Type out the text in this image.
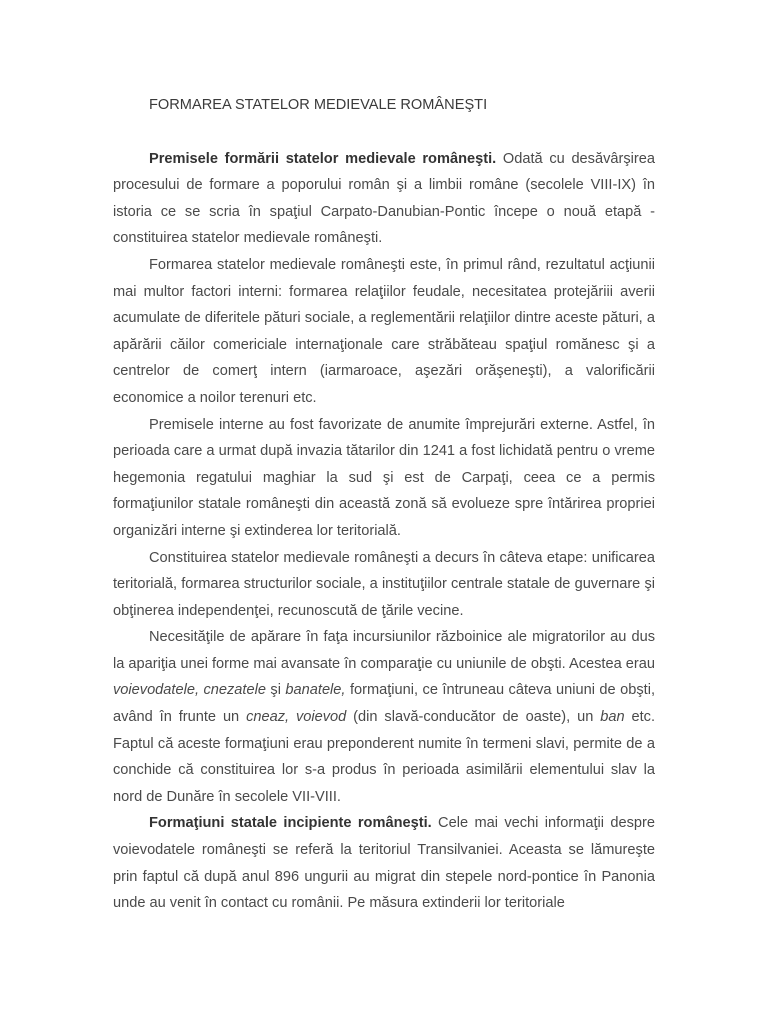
FORMAREA STATELOR MEDIEVALE ROMÂNEŞTI

Premisele formării statelor medievale româneşti. Odată cu desăvârşirea procesului de formare a poporului român şi a limbii române (secolele VIII-IX) în istoria ce se scria în spaţiul Carpato-Danubian-Pontic începe o nouă etapă -constituirea statelor medievale româneşti.

Formarea statelor medievale româneşti este, în primul rând, rezultatul acţiunii mai multor factori interni: formarea relaţiilor feudale, necesitatea protejăriii averii acumulate de diferitele pături sociale, a reglementării relaţiilor dintre aceste pături, a apărării căilor comericiale internaţionale care străbăteau spaţiul romănesc şi a centrelor de comerţ intern (iarmaroace, aşezări orăşeneşti), a valorificării economice a noilor terenuri etc.

Premisele interne au fost favorizate de anumite împrejurări externe. Astfel, în perioada care a urmat după invazia tătarilor din 1241 a fost lichidată pentru o vreme hegemonia regatului maghiar la sud şi est de Carpaţi, ceea ce a permis formaţiunilor statale româneşti din această zonă să evolueze spre întărirea propriei organizări interne şi extinderea lor teritorială.

Constituirea statelor medievale româneşti a decurs în câteva etape: unificarea teritorială, formarea structurilor sociale, a instituţiilor centrale statale de guvernare şi obţinerea independenţei, recunoscută de ţările vecine.

Necesităţile de apărare în faţa incursiunilor războinice ale migratorilor au dus la apariţia unei forme mai avansate în comparaţie cu uniunile de obşti. Acestea erau voievodatele, cnezatele şi banatele, formaţiuni, ce întruneau câteva uniuni de obşti, având în frunte un cneaz, voievod (din slavă-conducător de oaste), un ban etc. Faptul că aceste formaţiuni erau preponderent numite în termeni slavi, permite de a conchide că constituirea lor s-a produs în perioada asimilării elementului slav la nord de Dunăre în secolele VII-VIII.

Formaţiuni statale incipiente româneşti. Cele mai vechi informaţii despre voievodatele româneşti se referă la teritoriul Transilvaniei. Aceasta se lămureşte prin faptul că după anul 896 ungurii au migrat din stepele nord-pontice în Panonia unde au venit în contact cu românii. Pe măsura extinderii lor teritoriale
